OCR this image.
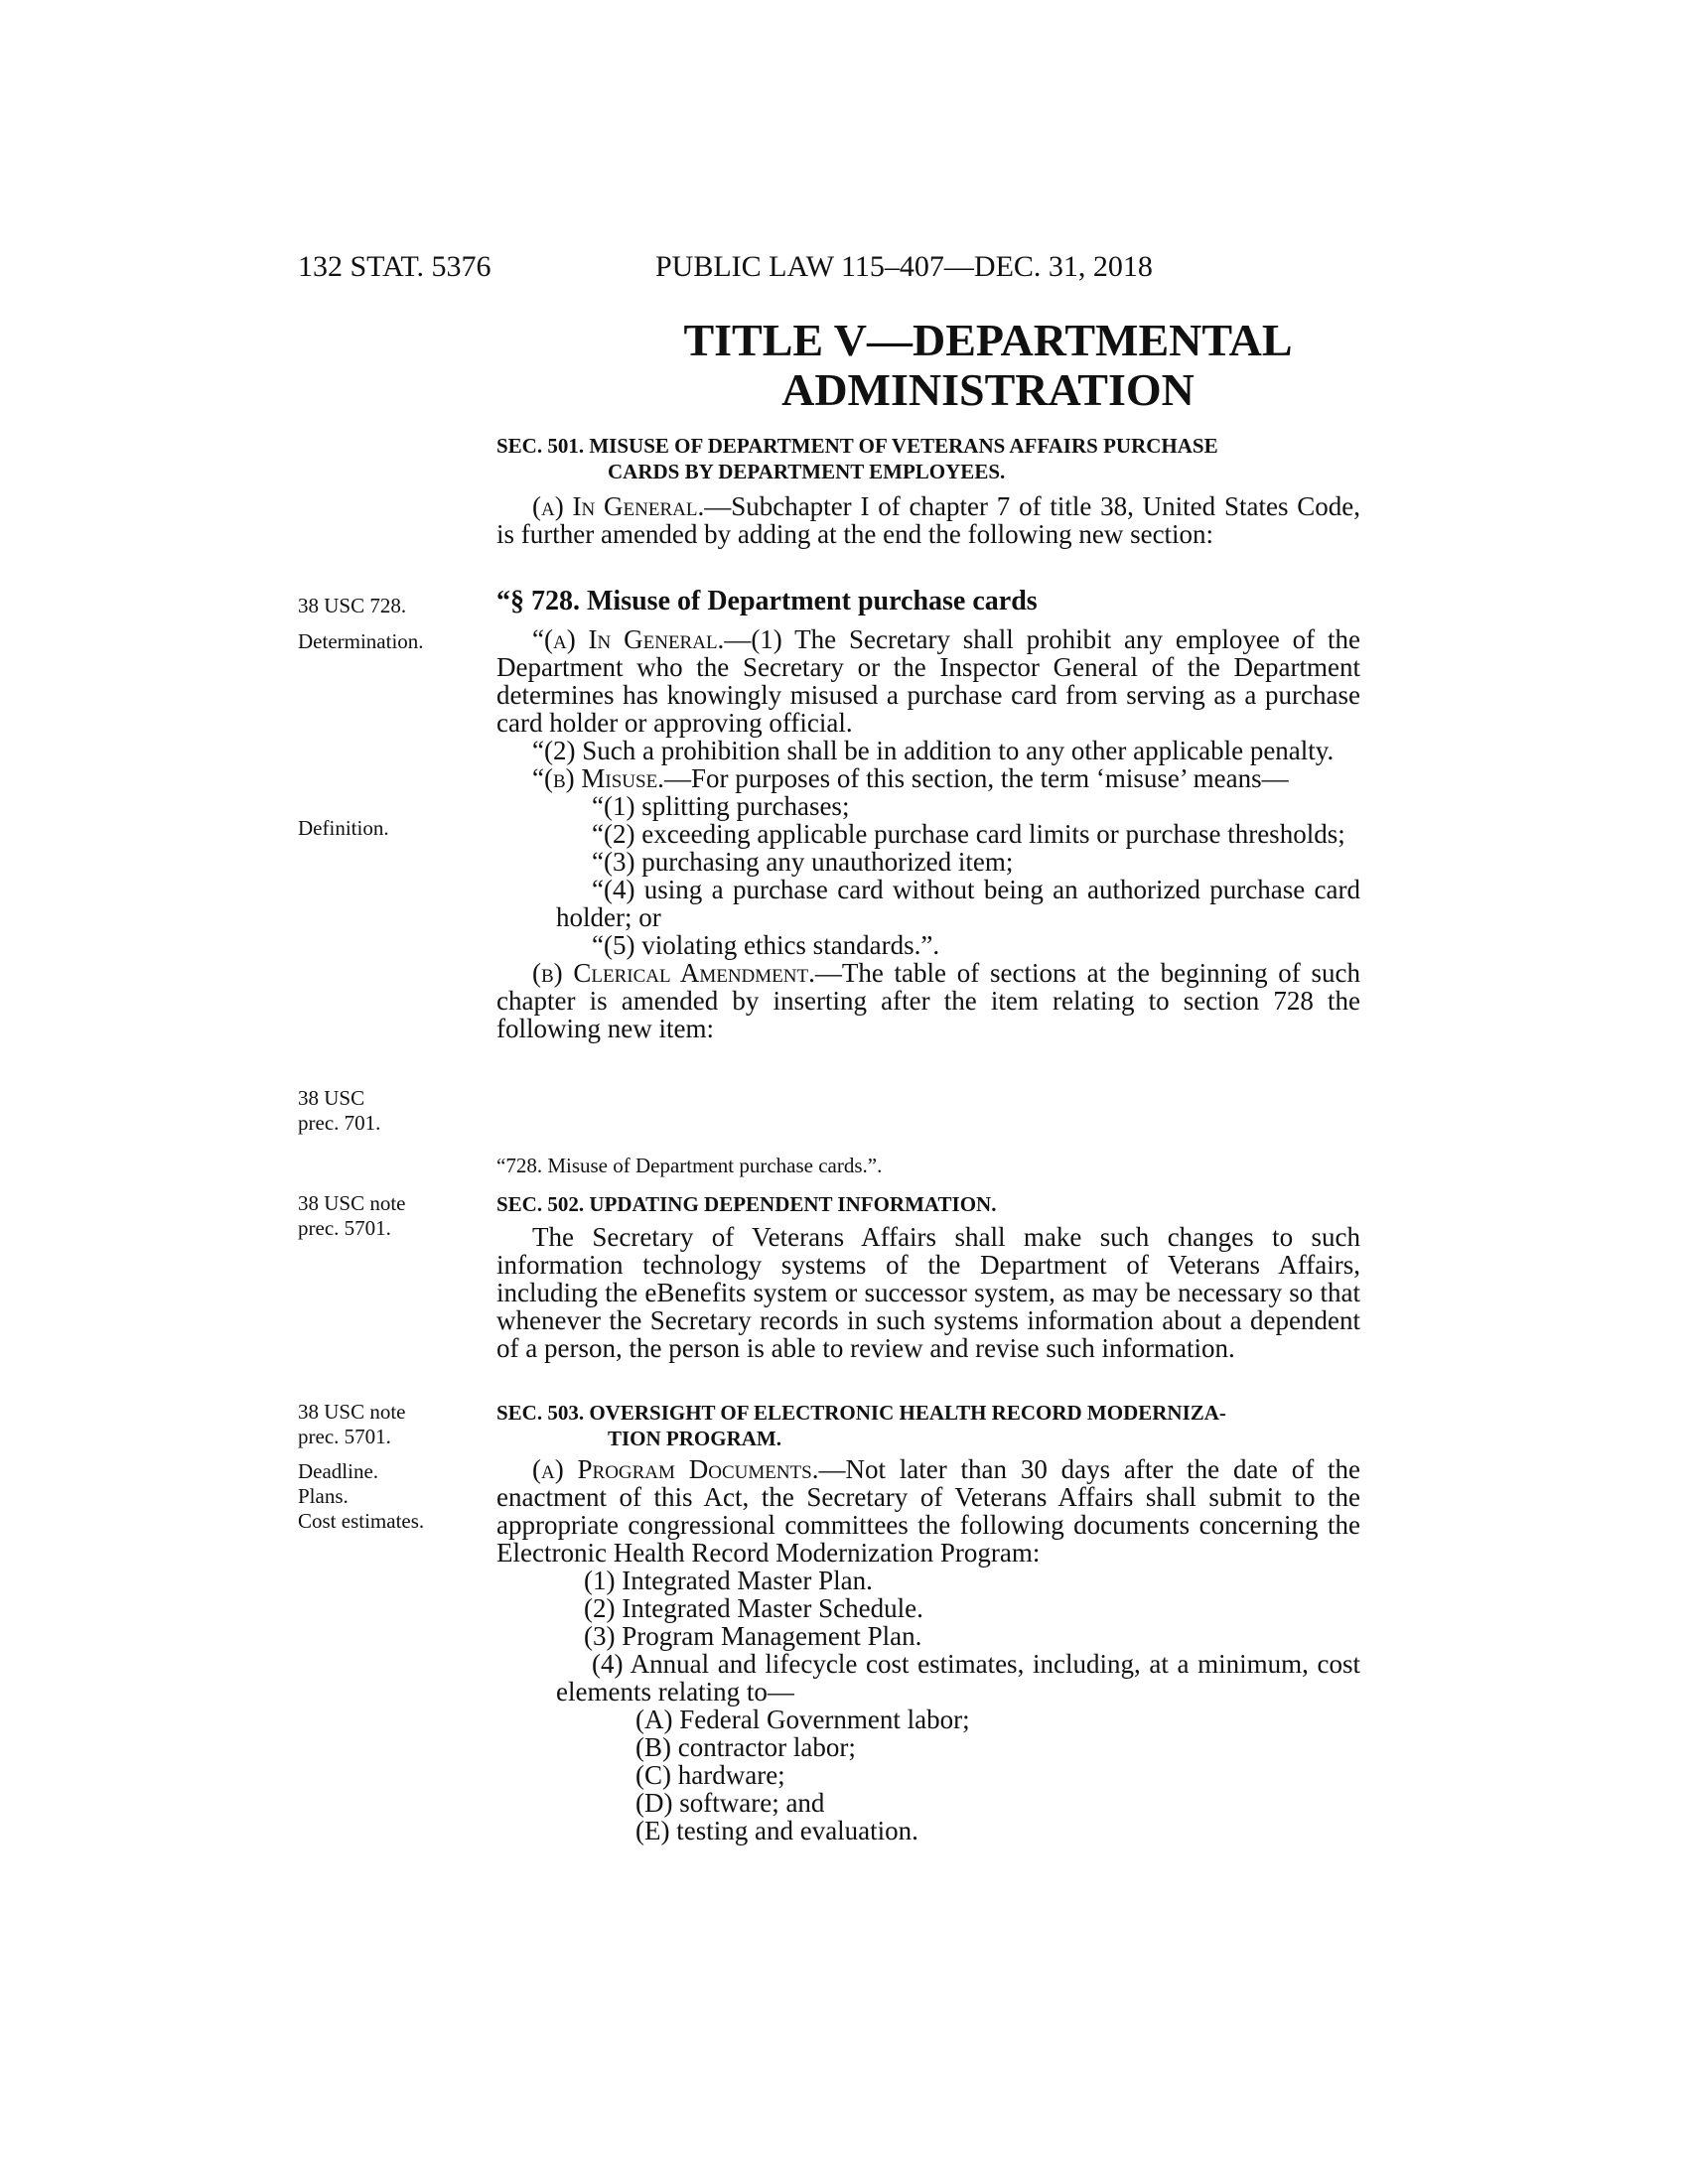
132 STAT. 5376	PUBLIC LAW 115–407—DEC. 31, 2018
TITLE V—DEPARTMENTAL
ADMINISTRATION
38 USC 728.
Determination.
Definition.
38 USC
prec. 701.
38 USC note
prec. 5701.
38 USC note
prec. 5701.
Deadline.
Plans.
Cost estimates.
SEC. 501. MISUSE OF DEPARTMENT OF VETERANS AFFAIRS PURCHASE
CARDS BY DEPARTMENT EMPLOYEES.

(a) In General.—Subchapter I of chapter 7 of title 38, United States Code, is further amended by adding at the end the following new section:

“§ 728. Misuse of Department purchase cards

“(a) In General.—(1) The Secretary shall prohibit any employee of the Department who the Secretary or the Inspector General of the Department determines has knowingly misused a purchase card from serving as a purchase card holder or approving official.

“(2) Such a prohibition shall be in addition to any other applicable penalty.

“(b) Misuse.—For purposes of this section, the term ‘misuse’ means—

“(1) splitting purchases;

“(2) exceeding applicable purchase card limits or purchase thresholds;

“(3) purchasing any unauthorized item;

“(4) using a purchase card without being an authorized purchase card holder; or

“(5) violating ethics standards.”.

(b) Clerical Amendment.—The table of sections at the beginning of such chapter is amended by inserting after the item relating to section 728 the following new item:

“728. Misuse of Department purchase cards.”.
SEC. 502. UPDATING DEPENDENT INFORMATION.

The Secretary of Veterans Affairs shall make such changes to such information technology systems of the Department of Veterans Affairs, including the eBenefits system or successor system, as may be necessary so that whenever the Secretary records in such systems information about a dependent of a person, the person is able to review and revise such information.

SEC. 503. OVERSIGHT OF ELECTRONIC HEALTH RECORD MODERNIZA-
TION PROGRAM.

(a) Program Documents.—Not later than 30 days after the date of the enactment of this Act, the Secretary of Veterans Affairs shall submit to the appropriate congressional committees the following documents concerning the Electronic Health Record Modernization Program:

(1) Integrated Master Plan.

(2) Integrated Master Schedule.

(3) Program Management Plan.

(4) Annual and lifecycle cost estimates, including, at a minimum, cost elements relating to—

(A) Federal Government labor;

(B) contractor labor;

(C) hardware;

(D) software; and

(E) testing and evaluation.
